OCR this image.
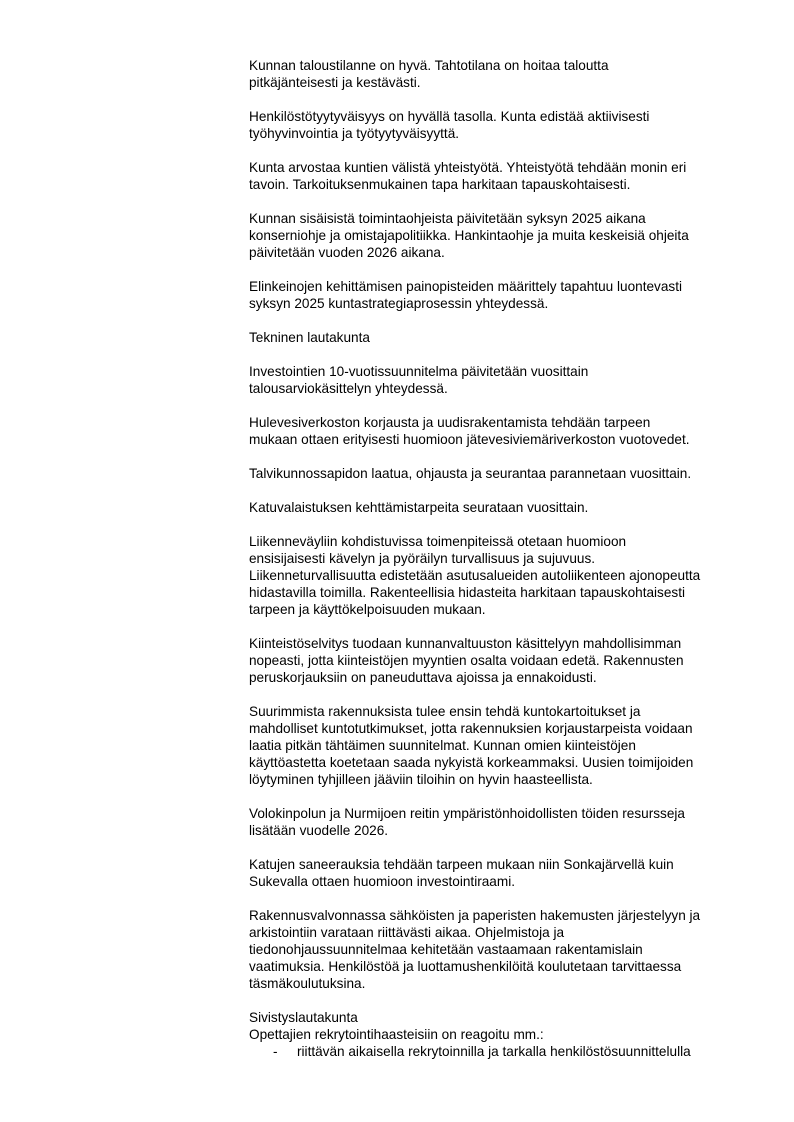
Kunnan taloustilanne on hyvä. Tahtotilana on hoitaa taloutta
pitkäjänteisesti ja kestävästi.

Henkilöstötyytyväisyys on hyvällä tasolla. Kunta edistää aktiivisesti
työhyvinvointia ja työtyytyväisyyttä.

Kunta arvostaa kuntien välistä yhteistyötä. Yhteistyötä tehdään monin eri
tavoin. Tarkoituksenmukainen tapa harkitaan tapauskohtaisesti.

Kunnan sisäisistä toimintaohjeista päivitetään syksyn 2025 aikana
konserniohje ja omistajapolitiikka. Hankintaohje ja muita keskeisiä ohjeita
päivitetään vuoden 2026 aikana.

Elinkeinojen kehittämisen painopisteiden määrittely tapahtuu luontevasti
syksyn 2025 kuntastrategiaprosessin yhteydessä.

Tekninen lautakunta

Investointien 10-vuotissuunnitelma päivitetään vuosittain
talousarviokäsittelyn yhteydessä.

Hulevesiverkoston korjausta ja uudisrakentamista tehdään tarpeen
mukaan ottaen erityisesti huomioon jätevesiviemäriverkoston vuotovedet.

Talvikunnossapidon laatua, ohjausta ja seurantaa parannetaan vuosittain.

Katuvalaistuksen kehttämistarpeita seurataan vuosittain.

Liikenneväyliin kohdistuvissa toimenpiteissä otetaan huomioon
ensisijaisesti kävelyn ja pyöräilyn turvallisuus ja sujuvuus.
Liikenneturvallisuutta edistetään asutusalueiden autoliikenteen ajonopeutta
hidastavilla toimilla. Rakenteellisia hidasteita harkitaan tapauskohtaisesti
tarpeen ja käyttökelpoisuuden mukaan.

Kiinteistöselvitys tuodaan kunnanvaltuuston käsittelyyn mahdollisimman
nopeasti, jotta kiinteistöjen myyntien osalta voidaan edetä. Rakennusten
peruskorjauksiin on paneuduttava ajoissa ja ennakoidusti.

Suurimmista rakennuksista tulee ensin tehdä kuntokartoitukset ja
mahdolliset kuntotutkimukset, jotta rakennuksien korjaustarpeista voidaan
laatia pitkän tähtäimen suunnitelmat. Kunnan omien kiinteistöjen
käyttöastetta koetetaan saada nykyistä korkeammaksi. Uusien toimijoiden
löytyminen tyhjilleen jääviin tiloihin on hyvin haasteellista.

Volokinpolun ja Nurmijoen reitin ympäristönhoidollisten töiden resursseja
lisätään vuodelle 2026.

Katujen saneerauksia tehdään tarpeen mukaan niin Sonkajärvellä kuin
Sukevalla ottaen huomioon investointiraami.

Rakennusvalvonnassa sähköisten ja paperisten hakemusten järjestelyyn ja
arkistointiin varataan riittävästi aikaa. Ohjelmistoja ja
tiedonohjaussuunnitelmaa kehitetään vastaamaan rakentamislain
vaatimuksia. Henkilöstöä ja luottamushenkilöitä koulutetaan tarvittaessa
täsmäkoulutuksina.

Sivistyslautakunta
Opettajien rekrytointihaasteisiin on reagoitu mm.:

- riittävän aikaisella rekrytoinnilla ja tarkalla henkilöstösuunnittelulla
